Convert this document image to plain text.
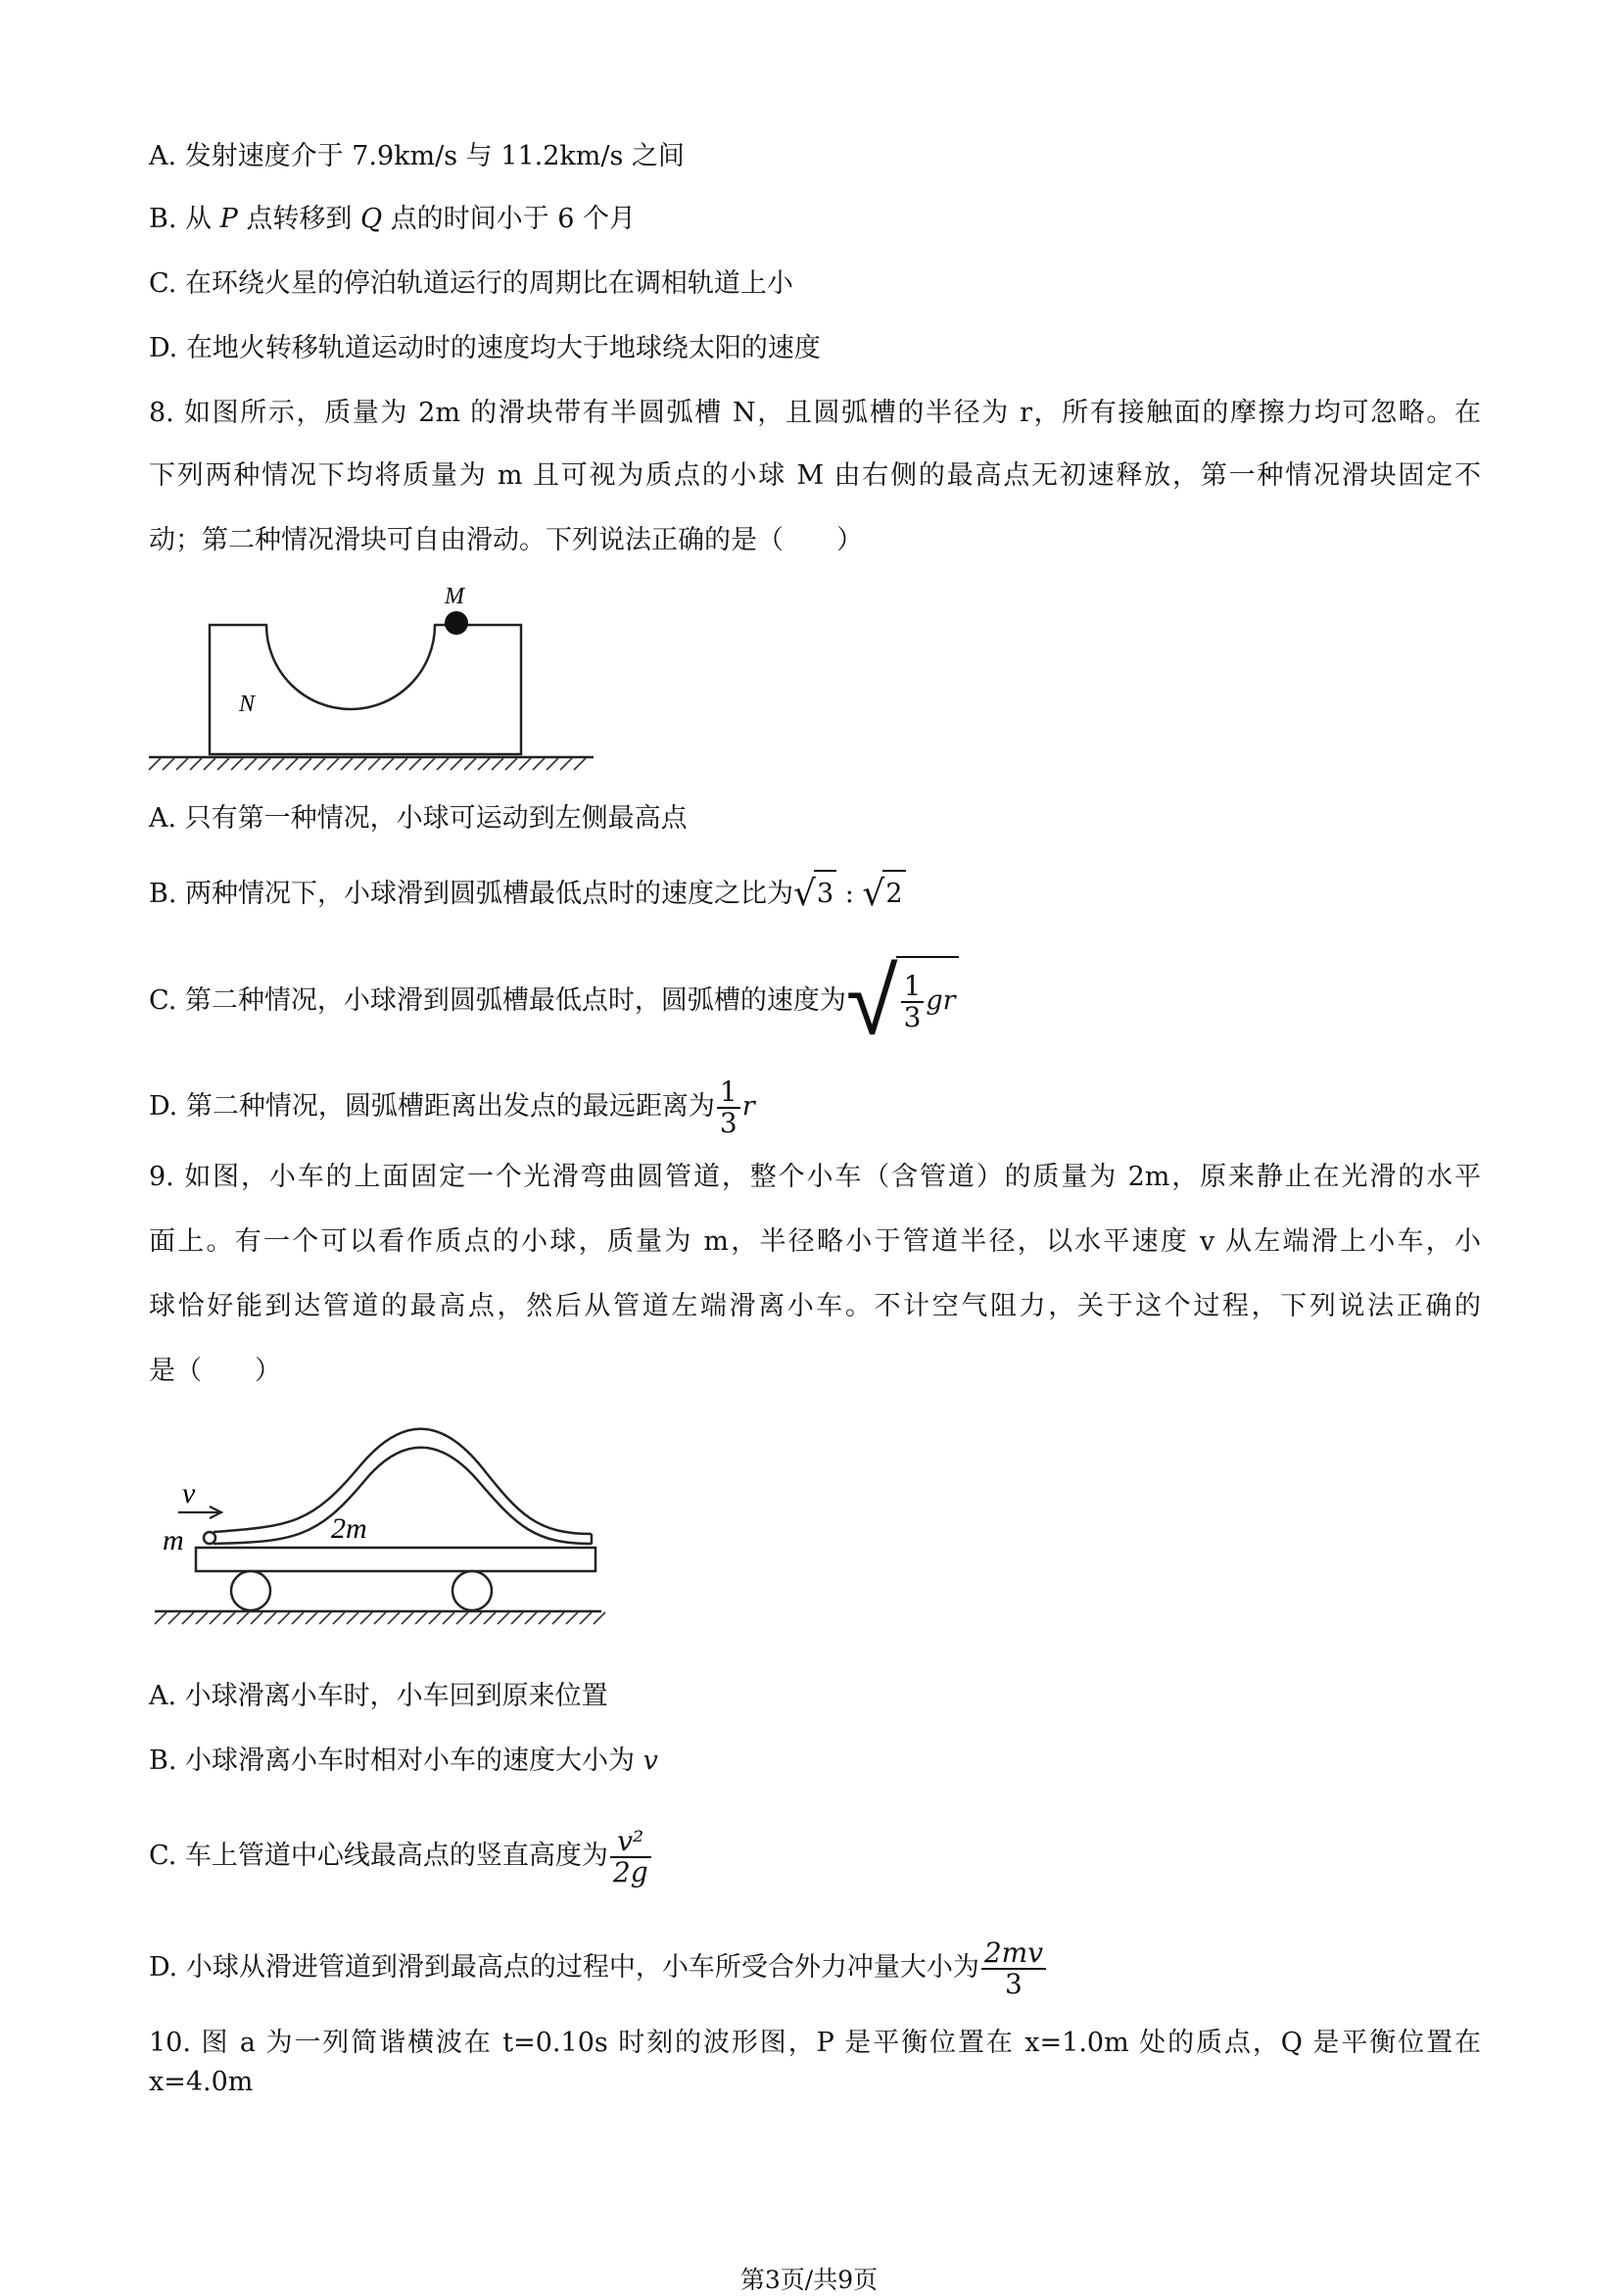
A. 发射速度介于 7.9km/s 与 11.2km/s 之间
B. 从 P 点转移到 Q 点的时间小于 6 个月
C. 在环绕火星的停泊轨道运行的周期比在调相轨道上小
D. 在地火转移轨道运动时的速度均大于地球绕太阳的速度
8. 如图所示，质量为 2m 的滑块带有半圆弧槽 N，且圆弧槽的半径为 r，所有接触面的摩擦力均可忽略。在
下列两种情况下均将质量为 m 且可视为质点的小球 M 由右侧的最高点无初速释放，第一种情况滑块固定不
动；第二种情况滑块可自由滑动。下列说法正确的是（　　）
M
N
A. 只有第一种情况，小球可运动到左侧最高点
B. 两种情况下，小球滑到圆弧槽最低点时的速度之比为√3 : √2
C. 第二种情况，小球滑到圆弧槽最低点时，圆弧槽的速度为√ $\frac{1}{3}$ gr
D. 第二种情况，圆弧槽距离出发点的最远距离为 $\frac{1}{3}$ r
9. 如图，小车的上面固定一个光滑弯曲圆管道，整个小车（含管道）的质量为 2m，原来静止在光滑的水平
面上。有一个可以看作质点的小球，质量为 m，半径略小于管道半径，以水平速度 v 从左端滑上小车，小
球恰好能到达管道的最高点，然后从管道左端滑离小车。不计空气阻力，关于这个过程，下列说法正确的
是（　　）
v
m	2m
A. 小球滑离小车时，小车回到原来位置
B. 小球滑离小车时相对小车的速度大小为 v
C. 车上管道中心线最高点的竖直高度为 $\frac{\text{v²}}{2g}$
D. 小球从滑进管道到滑到最高点的过程中，小车所受合外力冲量大小为 $\frac{2mv}{3}$
10. 图 a 为一列简谐横波在 t=0.10s 时刻的波形图，P 是平衡位置在 x=1.0m 处的质点，Q 是平衡位置在 x=4.0m
第3页/共9页
